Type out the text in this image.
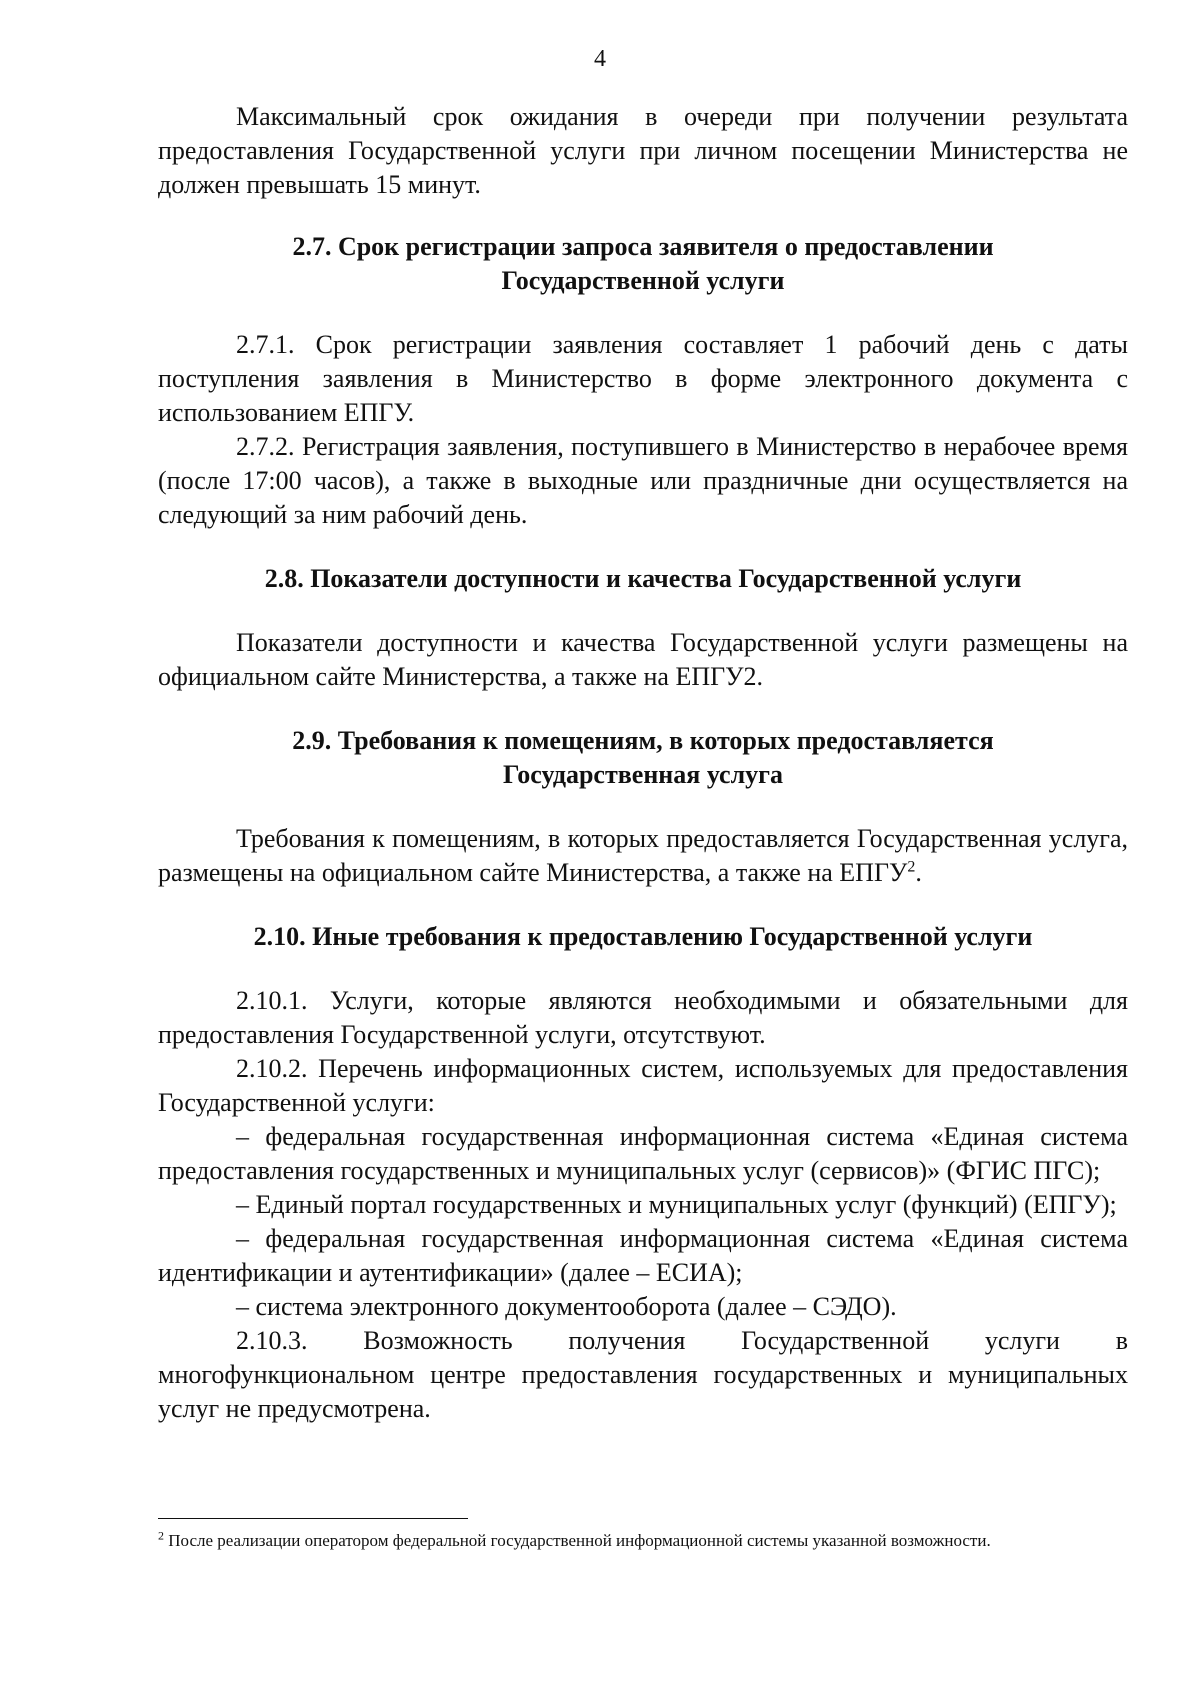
4

Максимальный срок ожидания в очереди при получении результата предоставления Государственной услуги при личном посещении Министерства не должен превышать 15 минут.

2.7. Срок регистрации запроса заявителя о предоставлении
Государственной услуги

2.7.1. Срок регистрации заявления составляет 1 рабочий день с даты поступления заявления в Министерство в форме электронного документа с использованием ЕПГУ.

2.7.2. Регистрация заявления, поступившего в Министерство в нерабочее время (после 17:00 часов), а также в выходные или праздничные дни осуществляется на следующий за ним рабочий день.

2.8. Показатели доступности и качества Государственной услуги

Показатели доступности и качества Государственной услуги размещены на официальном сайте Министерства, а также на ЕПГУ2.

2.9. Требования к помещениям, в которых предоставляется
Государственная услуга

Требования к помещениям, в которых предоставляется Государственная услуга, размещены на официальном сайте Министерства, а также на ЕПГУ$^2$.

2.10. Иные требования к предоставлению Государственной услуги

2.10.1. Услуги, которые являются необходимыми и обязательными для предоставления Государственной услуги, отсутствуют.

2.10.2. Перечень информационных систем, используемых для предоставления Государственной услуги:

– федеральная государственная информационная система «Единая система предоставления государственных и муниципальных услуг (сервисов)» (ФГИС ПГС);

– Единый портал государственных и муниципальных услуг (функций) (ЕПГУ);

– федеральная государственная информационная система «Единая система идентификации и аутентификации» (далее – ЕСИА);

– система электронного документооборота (далее – СЭДО).

2.10.3. Возможность получения Государственной услуги в многофункциональном центре предоставления государственных и муниципальных услуг не предусмотрена.

$^2$ После реализации оператором федеральной государственной информационной системы указанной возможности.
